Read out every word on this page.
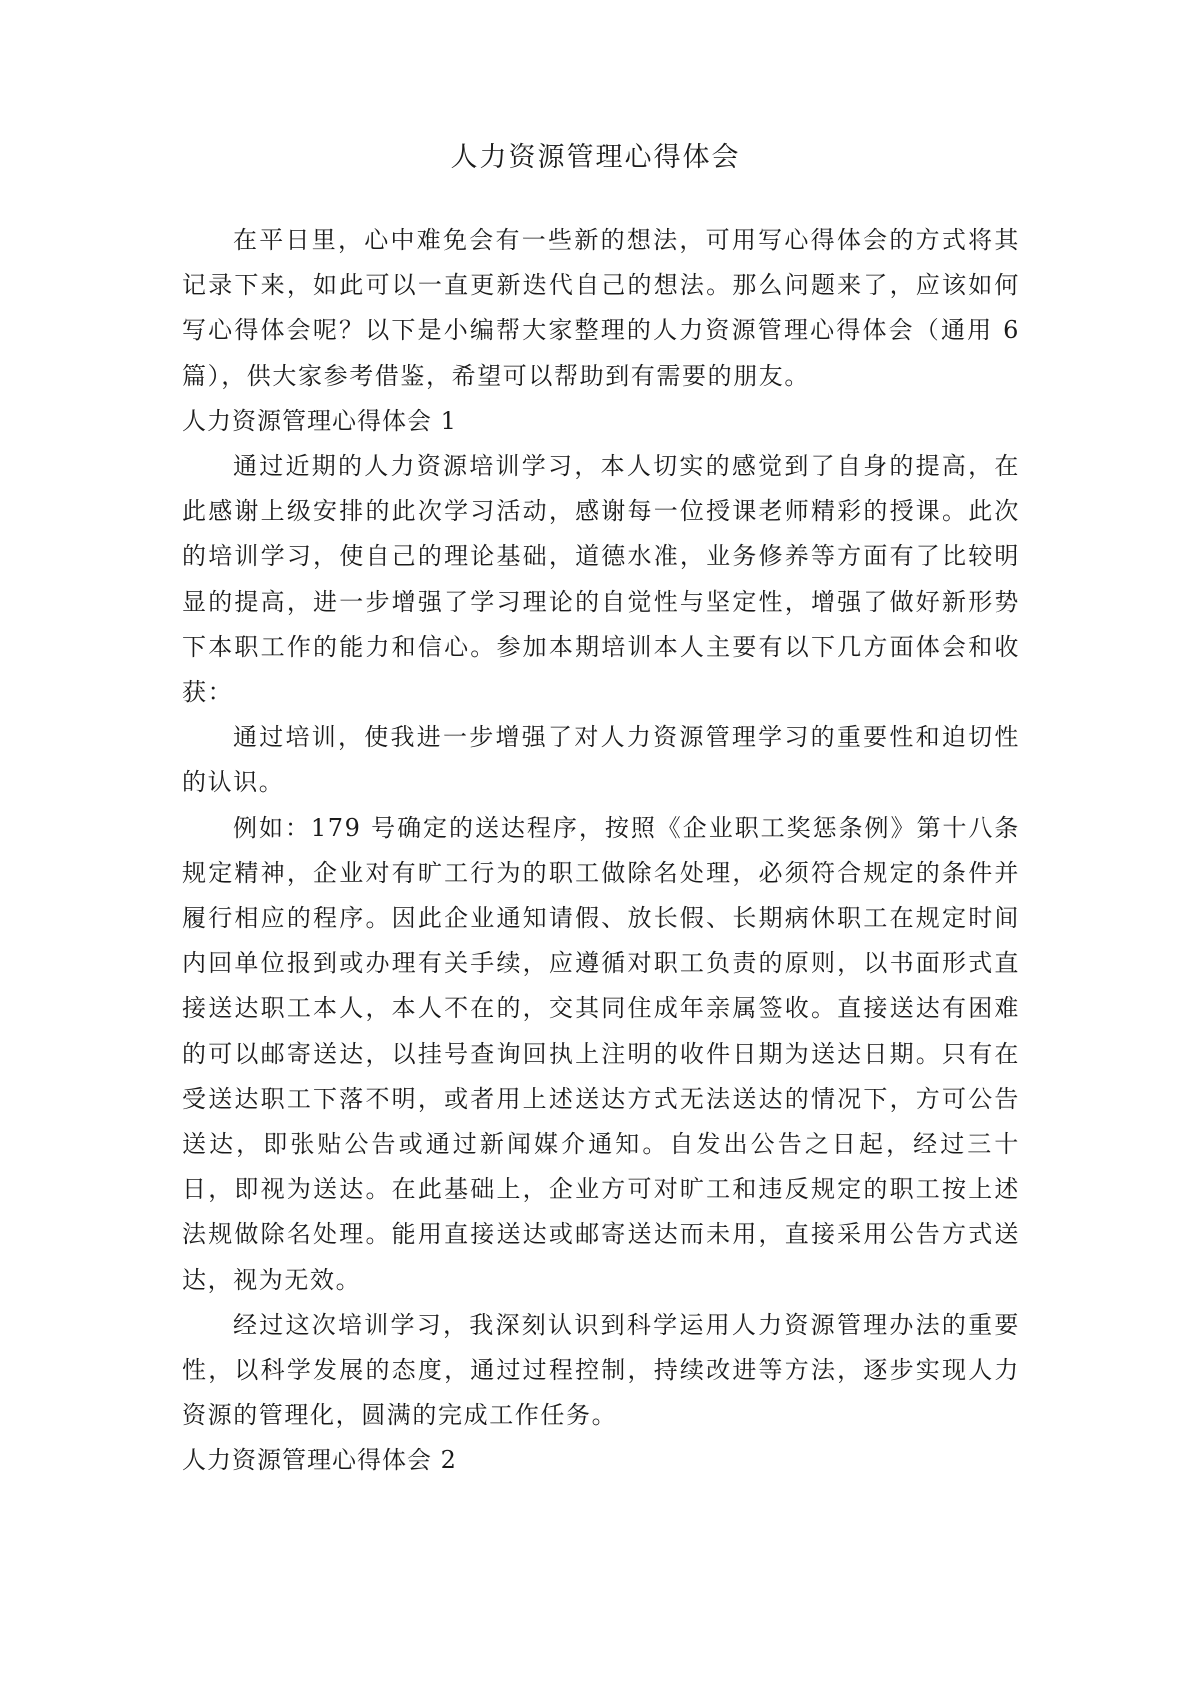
人力资源管理心得体会

在平日里，心中难免会有一些新的想法，可用写心得体会的方式将其记录下来，如此可以一直更新迭代自己的想法。那么问题来了，应该如何写心得体会呢？以下是小编帮大家整理的人力资源管理心得体会（通用 6 篇），供大家参考借鉴，希望可以帮助到有需要的朋友。

人力资源管理心得体会 1

通过近期的人力资源培训学习，本人切实的感觉到了自身的提高，在此感谢上级安排的此次学习活动，感谢每一位授课老师精彩的授课。此次的培训学习，使自己的理论基础，道德水准，业务修养等方面有了比较明显的提高，进一步增强了学习理论的自觉性与坚定性，增强了做好新形势下本职工作的能力和信心。参加本期培训本人主要有以下几方面体会和收获：

通过培训，使我进一步增强了对人力资源管理学习的重要性和迫切性的认识。

例如：179 号确定的送达程序，按照《企业职工奖惩条例》第十八条规定精神，企业对有旷工行为的职工做除名处理，必须符合规定的条件并履行相应的程序。因此企业通知请假、放长假、长期病休职工在规定时间内回单位报到或办理有关手续，应遵循对职工负责的原则，以书面形式直接送达职工本人，本人不在的，交其同住成年亲属签收。直接送达有困难的可以邮寄送达，以挂号查询回执上注明的收件日期为送达日期。只有在受送达职工下落不明，或者用上述送达方式无法送达的情况下，方可公告送达，即张贴公告或通过新闻媒介通知。自发出公告之日起，经过三十日，即视为送达。在此基础上，企业方可对旷工和违反规定的职工按上述法规做除名处理。能用直接送达或邮寄送达而未用，直接采用公告方式送达，视为无效。

经过这次培训学习，我深刻认识到科学运用人力资源管理办法的重要性，以科学发展的态度，通过过程控制，持续改进等方法，逐步实现人力资源的管理化，圆满的完成工作任务。

人力资源管理心得体会 2
